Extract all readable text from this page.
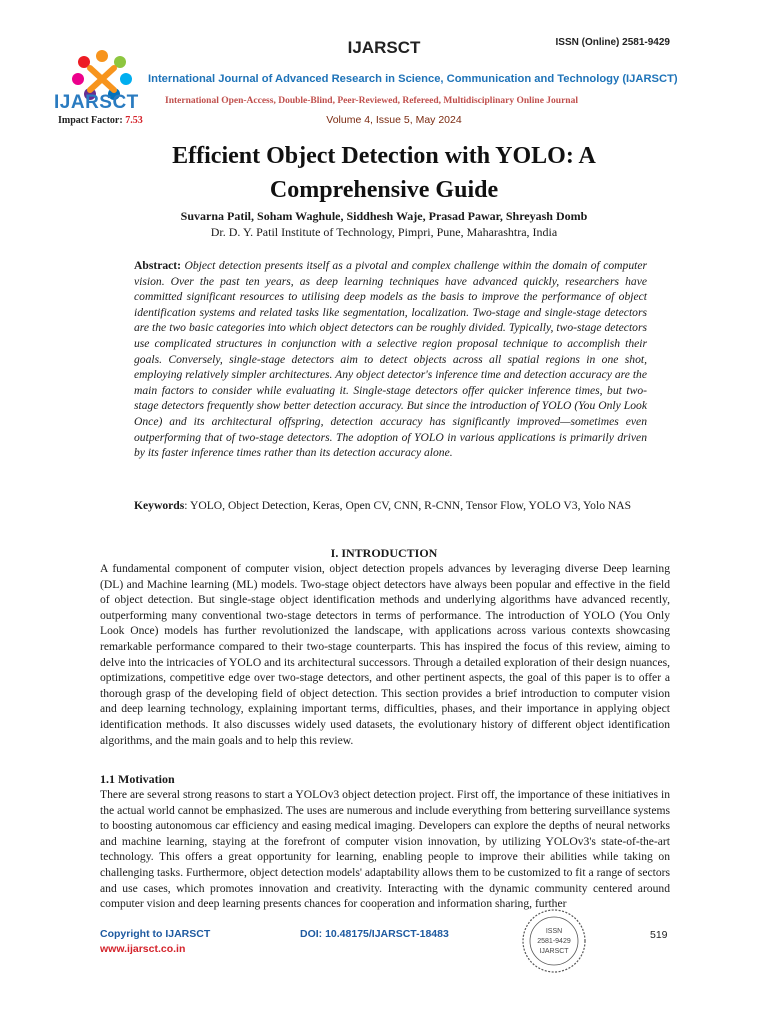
IJARSCT
Impact Factor: 7.53
IJARSCT	ISSN (Online) 2581-9429
International Journal of Advanced Research in Science, Communication and Technology (IJARSCT)
International Open-Access, Double-Blind, Peer-Reviewed, Refereed, Multidisciplinary Online Journal
Volume 4, Issue 5, May 2024
Efficient Object Detection with YOLO: A Comprehensive Guide
Suvarna Patil, Soham Waghule, Siddhesh Waje, Prasad Pawar, Shreyash Domb
Dr. D. Y. Patil Institute of Technology, Pimpri, Pune, Maharashtra, India
Abstract: Object detection presents itself as a pivotal and complex challenge within the domain of computer vision. Over the past ten years, as deep learning techniques have advanced quickly, researchers have committed significant resources to utilising deep models as the basis to improve the performance of object identification systems and related tasks like segmentation, localization. Two-stage and single-stage detectors are the two basic categories into which object detectors can be roughly divided. Typically, two-stage detectors use complicated structures in conjunction with a selective region proposal technique to accomplish their goals. Conversely, single-stage detectors aim to detect objects across all spatial regions in one shot, employing relatively simpler architectures. Any object detector's inference time and detection accuracy are the main factors to consider while evaluating it. Single-stage detectors offer quicker inference times, but two-stage detectors frequently show better detection accuracy. But since the introduction of YOLO (You Only Look Once) and its architectural offspring, detection accuracy has significantly improved—sometimes even outperforming that of two-stage detectors. The adoption of YOLO in various applications is primarily driven by its faster inference times rather than its detection accuracy alone.
Keywords: YOLO, Object Detection, Keras, Open CV, CNN, R-CNN, Tensor Flow, YOLO V3, Yolo NAS
I. INTRODUCTION
A fundamental component of computer vision, object detection propels advances by leveraging diverse Deep learning (DL) and Machine learning (ML) models. Two-stage object detectors have always been popular and effective in the field of object detection. But single-stage object identification methods and underlying algorithms have advanced recently, outperforming many conventional two-stage detectors in terms of performance. The introduction of YOLO (You Only Look Once) models has further revolutionized the landscape, with applications across various contexts showcasing remarkable performance compared to their two-stage counterparts. This has inspired the focus of this review, aiming to delve into the intricacies of YOLO and its architectural successors. Through a detailed exploration of their design nuances, optimizations, competitive edge over two-stage detectors, and other pertinent aspects, the goal of this paper is to offer a thorough grasp of the developing field of object detection. This section provides a brief introduction to computer vision and deep learning technology, explaining important terms, difficulties, phases, and their importance in applying object identification methods. It also discusses widely used datasets, the evolutionary history of different object identification algorithms, and the main goals and to help this review.
1.1 Motivation
There are several strong reasons to start a YOLOv3 object detection project. First off, the importance of these initiatives in the actual world cannot be emphasized. The uses are numerous and include everything from bettering surveillance systems to boosting autonomous car efficiency and easing medical imaging. Developers can explore the depths of neural networks and machine learning, staying at the forefront of computer vision innovation, by utilizing YOLOv3's state-of-the-art technology. This offers a great opportunity for learning, enabling people to improve their abilities while taking on challenging tasks. Furthermore, object detection models' adaptability allows them to be customized to fit a range of sectors and use cases, which promotes innovation and creativity. Interacting with the dynamic community centered around computer vision and deep learning presents chances for cooperation and information sharing, further
Copyright to IJARSCT
www.ijarsct.co.in
DOI: 10.48175/IJARSCT-18483	519
ISSN
2581-9429
IJARSCT
